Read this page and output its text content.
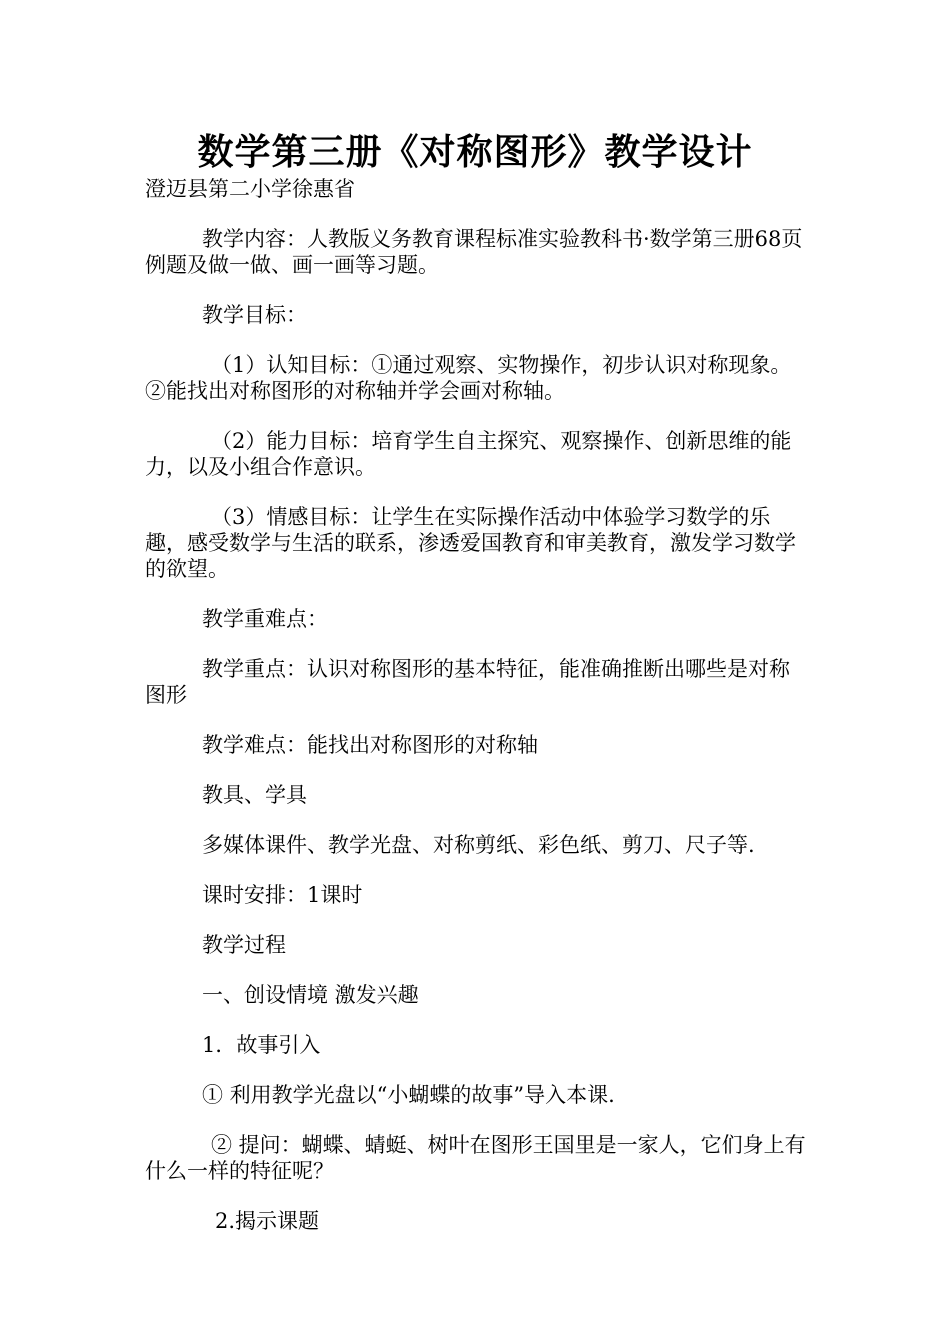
数学第三册《对称图形》教学设计

澄迈县第二小学徐惠省

教学内容：人教版义务教育课程标准实验教科书·数学第三册68页例题及做一做、画一画等习题。

教学目标：

（1）认知目标：①通过观察、实物操作，初步认识对称现象。②能找出对称图形的对称轴并学会画对称轴。

（2）能力目标：培育学生自主探究、观察操作、创新思维的能力，以及小组合作意识。

（3）情感目标：让学生在实际操作活动中体验学习数学的乐趣，感受数学与生活的联系，渗透爱国教育和审美教育，激发学习数学的欲望。

教学重难点：

教学重点：认识对称图形的基本特征，能准确推断出哪些是对称图形

教学难点：能找出对称图形的对称轴

教具、学具

多媒体课件、教学光盘、对称剪纸、彩色纸、剪刀、尺子等.

课时安排：1课时

教学过程

一、创设情境 激发兴趣

1．故事引入

① 利用教学光盘以“小蝴蝶的故事”导入本课.

② 提问：蝴蝶、蜻蜓、树叶在图形王国里是一家人，它们身上有什么一样的特征呢？

2.揭示课题
